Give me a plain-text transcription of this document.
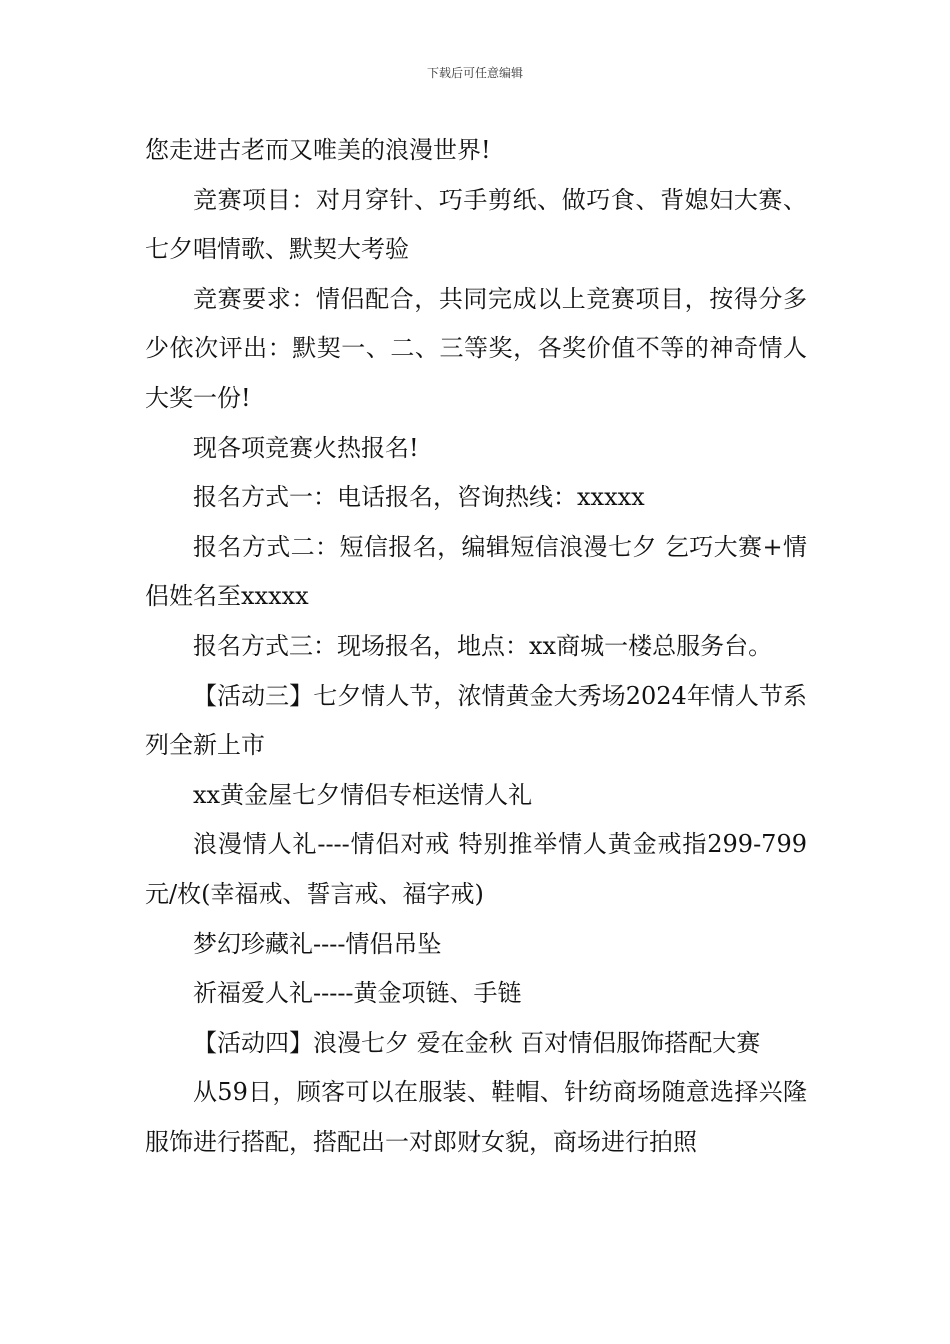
下载后可任意编辑

您走进古老而又唯美的浪漫世界!

竞赛项目：对月穿针、巧手剪纸、做巧食、背媳妇大赛、七夕唱情歌、默契大考验

竞赛要求：情侣配合，共同完成以上竞赛项目，按得分多少依次评出：默契一、二、三等奖，各奖价值不等的神奇情人大奖一份!

现各项竞赛火热报名!

报名方式一：电话报名，咨询热线：xxxxx

报名方式二：短信报名，编辑短信浪漫七夕 乞巧大赛+情侣姓名至xxxxx

报名方式三：现场报名，地点：xx商城一楼总服务台。

【活动三】七夕情人节，浓情黄金大秀场2024年情人节系列全新上市

xx黄金屋七夕情侣专柜送情人礼

浪漫情人礼----情侣对戒 特别推举情人黄金戒指299-799元/枚(幸福戒、誓言戒、福字戒)

梦幻珍藏礼----情侣吊坠

祈福爱人礼-----黄金项链、手链

【活动四】浪漫七夕 爱在金秋 百对情侣服饰搭配大赛

从59日，顾客可以在服装、鞋帽、针纺商场随意选择兴隆服饰进行搭配，搭配出一对郎财女貌，商场进行拍照
